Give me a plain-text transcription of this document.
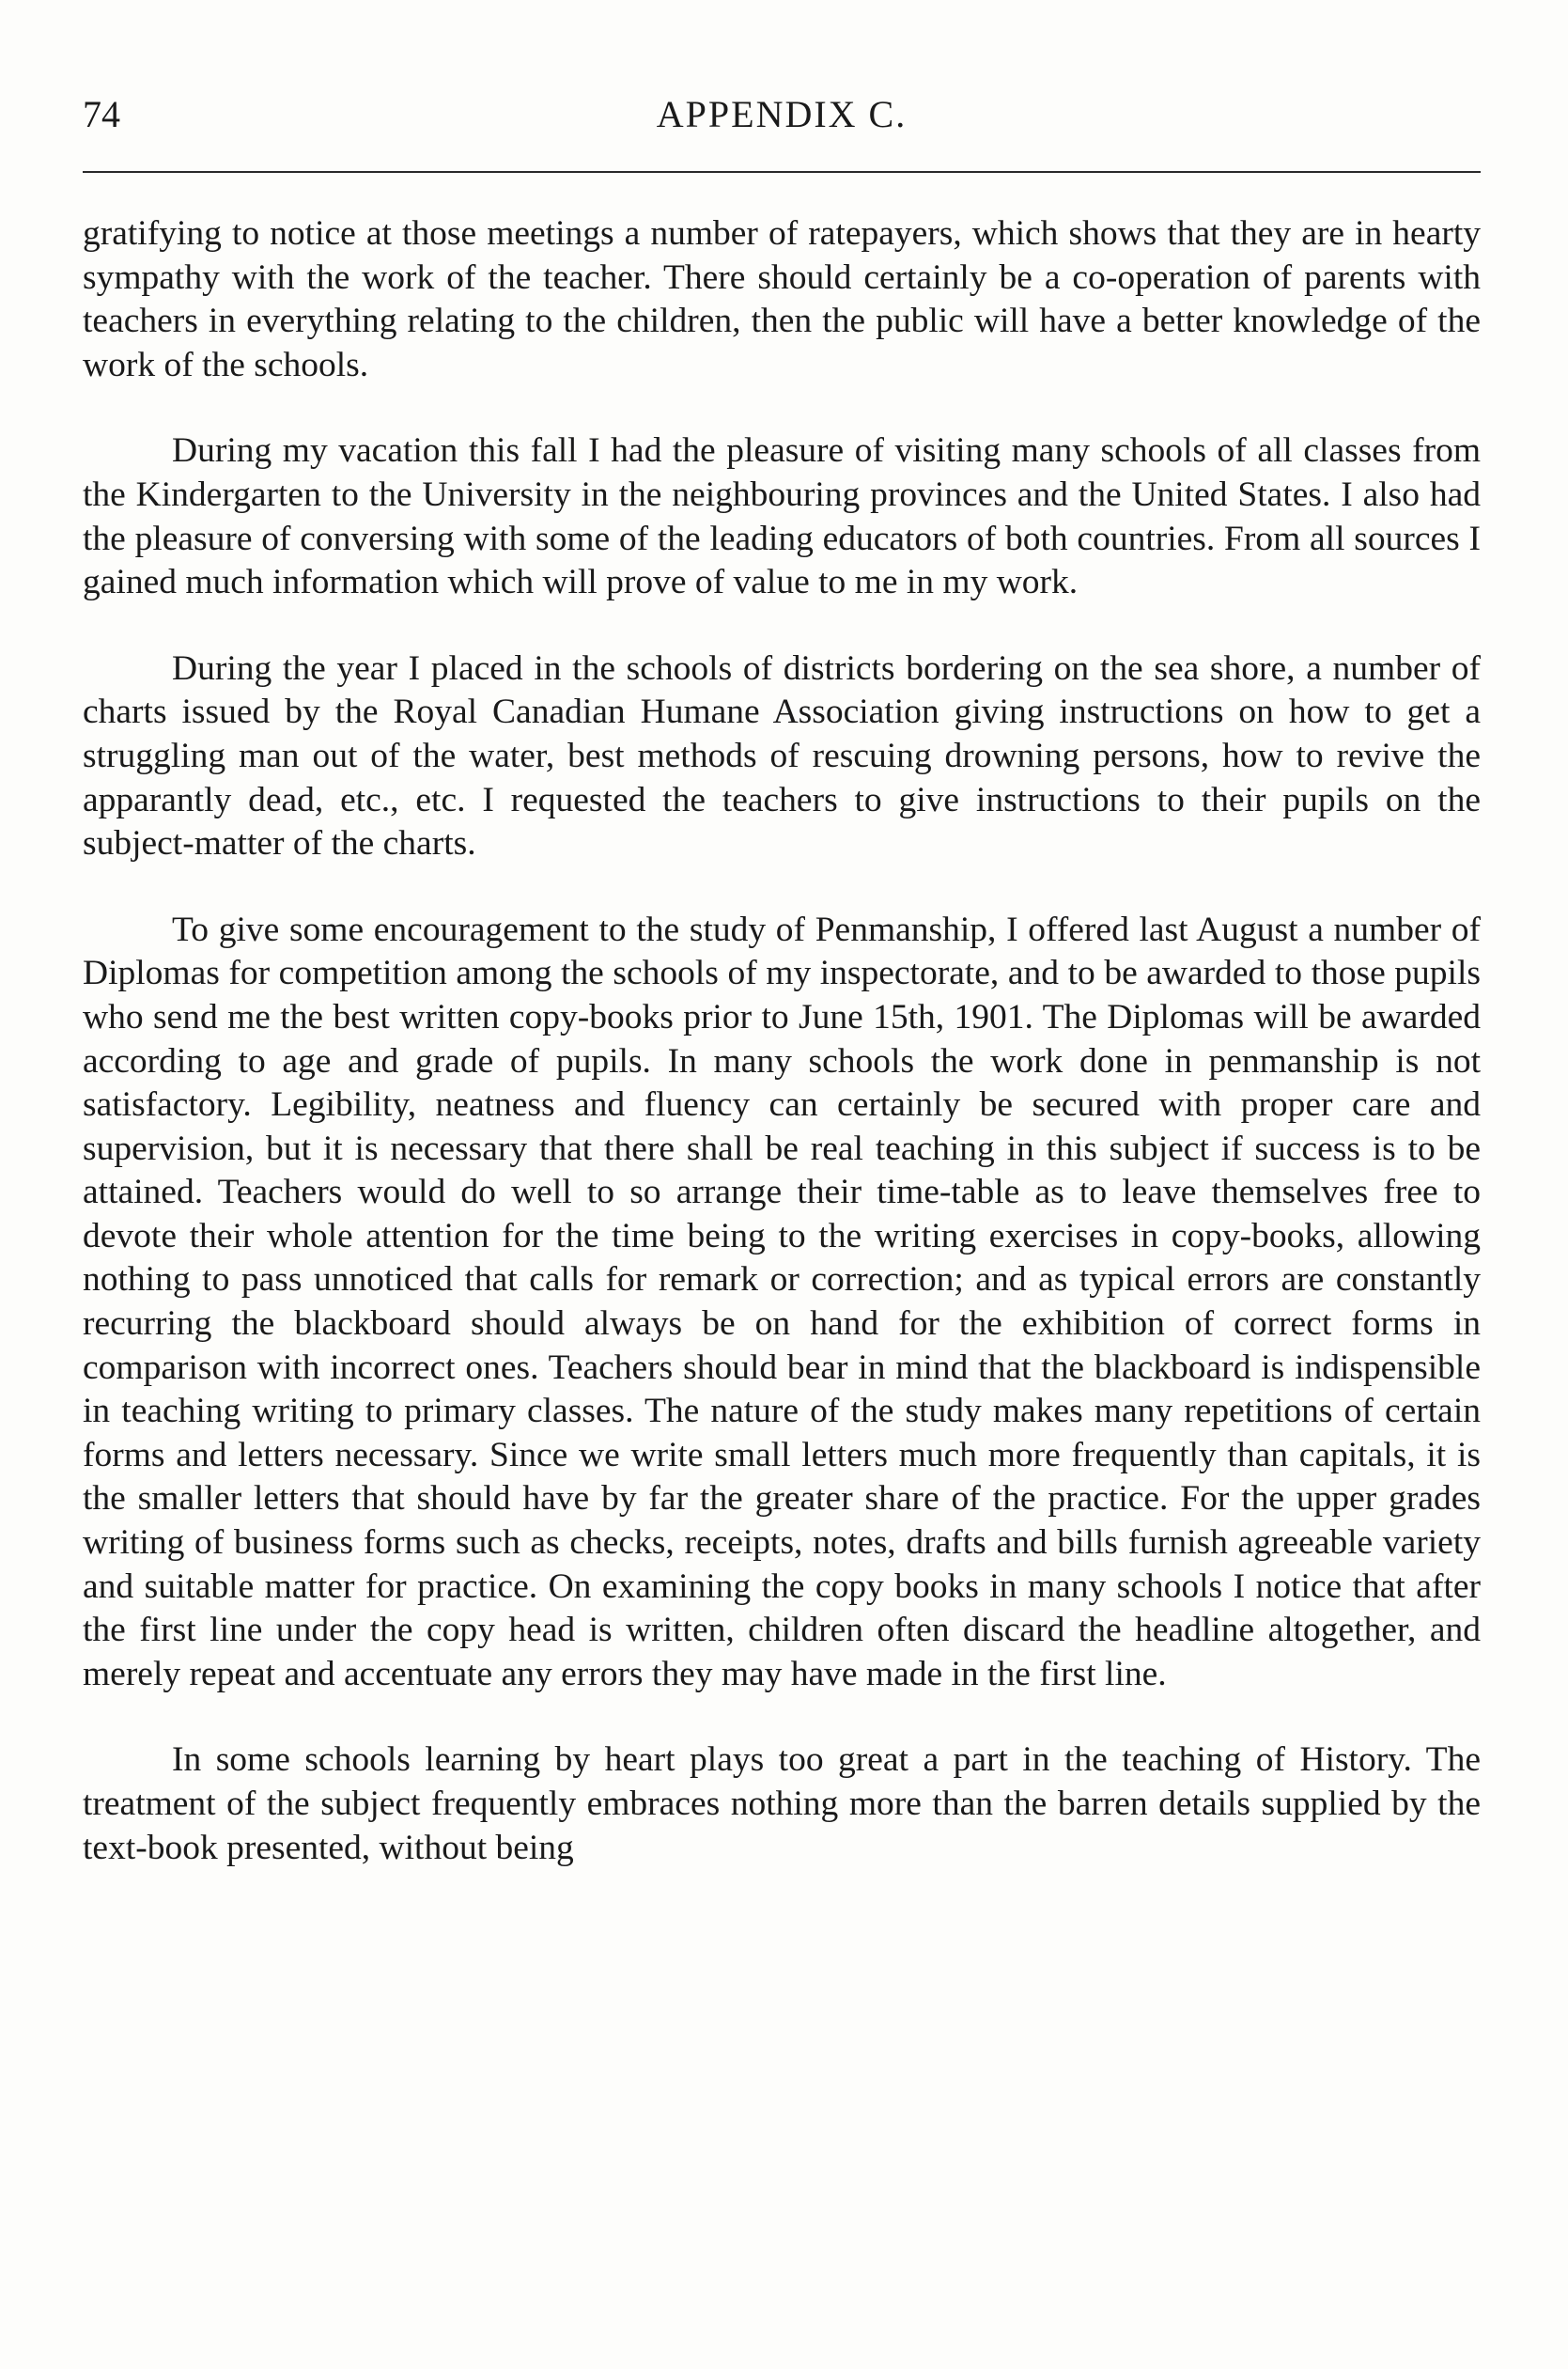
74	APPENDIX C.

gratifying to notice at those meetings a number of ratepayers, which shows that they are in hearty sympathy with the work of the teacher. There should certainly be a co-operation of parents with teachers in everything relating to the children, then the public will have a better knowledge of the work of the schools.

During my vacation this fall I had the pleasure of visiting many schools of all classes from the Kindergarten to the University in the neighbouring provinces and the United States. I also had the pleasure of conversing with some of the leading educators of both countries. From all sources I gained much information which will prove of value to me in my work.

During the year I placed in the schools of districts bordering on the sea shore, a number of charts issued by the Royal Canadian Humane Association giving instructions on how to get a struggling man out of the water, best methods of rescuing drowning persons, how to revive the apparantly dead, etc., etc. I requested the teachers to give instructions to their pupils on the subject-matter of the charts.

To give some encouragement to the study of Penmanship, I offered last August a number of Diplomas for competition among the schools of my inspectorate, and to be awarded to those pupils who send me the best written copy-books prior to June 15th, 1901. The Diplomas will be awarded according to age and grade of pupils. In many schools the work done in penmanship is not satisfactory. Legibility, neatness and fluency can certainly be secured with proper care and supervision, but it is necessary that there shall be real teaching in this subject if success is to be attained. Teachers would do well to so arrange their time-table as to leave themselves free to devote their whole attention for the time being to the writing exercises in copy-books, allowing nothing to pass unnoticed that calls for remark or correction; and as typical errors are constantly recurring the blackboard should always be on hand for the exhibition of correct forms in comparison with incorrect ones. Teachers should bear in mind that the blackboard is indispensible in teaching writing to primary classes. The nature of the study makes many repetitions of certain forms and letters necessary. Since we write small letters much more frequently than capitals, it is the smaller letters that should have by far the greater share of the practice. For the upper grades writing of business forms such as checks, receipts, notes, drafts and bills furnish agreeable variety and suitable matter for practice. On examining the copy books in many schools I notice that after the first line under the copy head is written, children often discard the headline altogether, and merely repeat and accentuate any errors they may have made in the first line.

In some schools learning by heart plays too great a part in the teaching of History. The treatment of the subject frequently embraces nothing more than the barren details supplied by the text-book presented, without being
